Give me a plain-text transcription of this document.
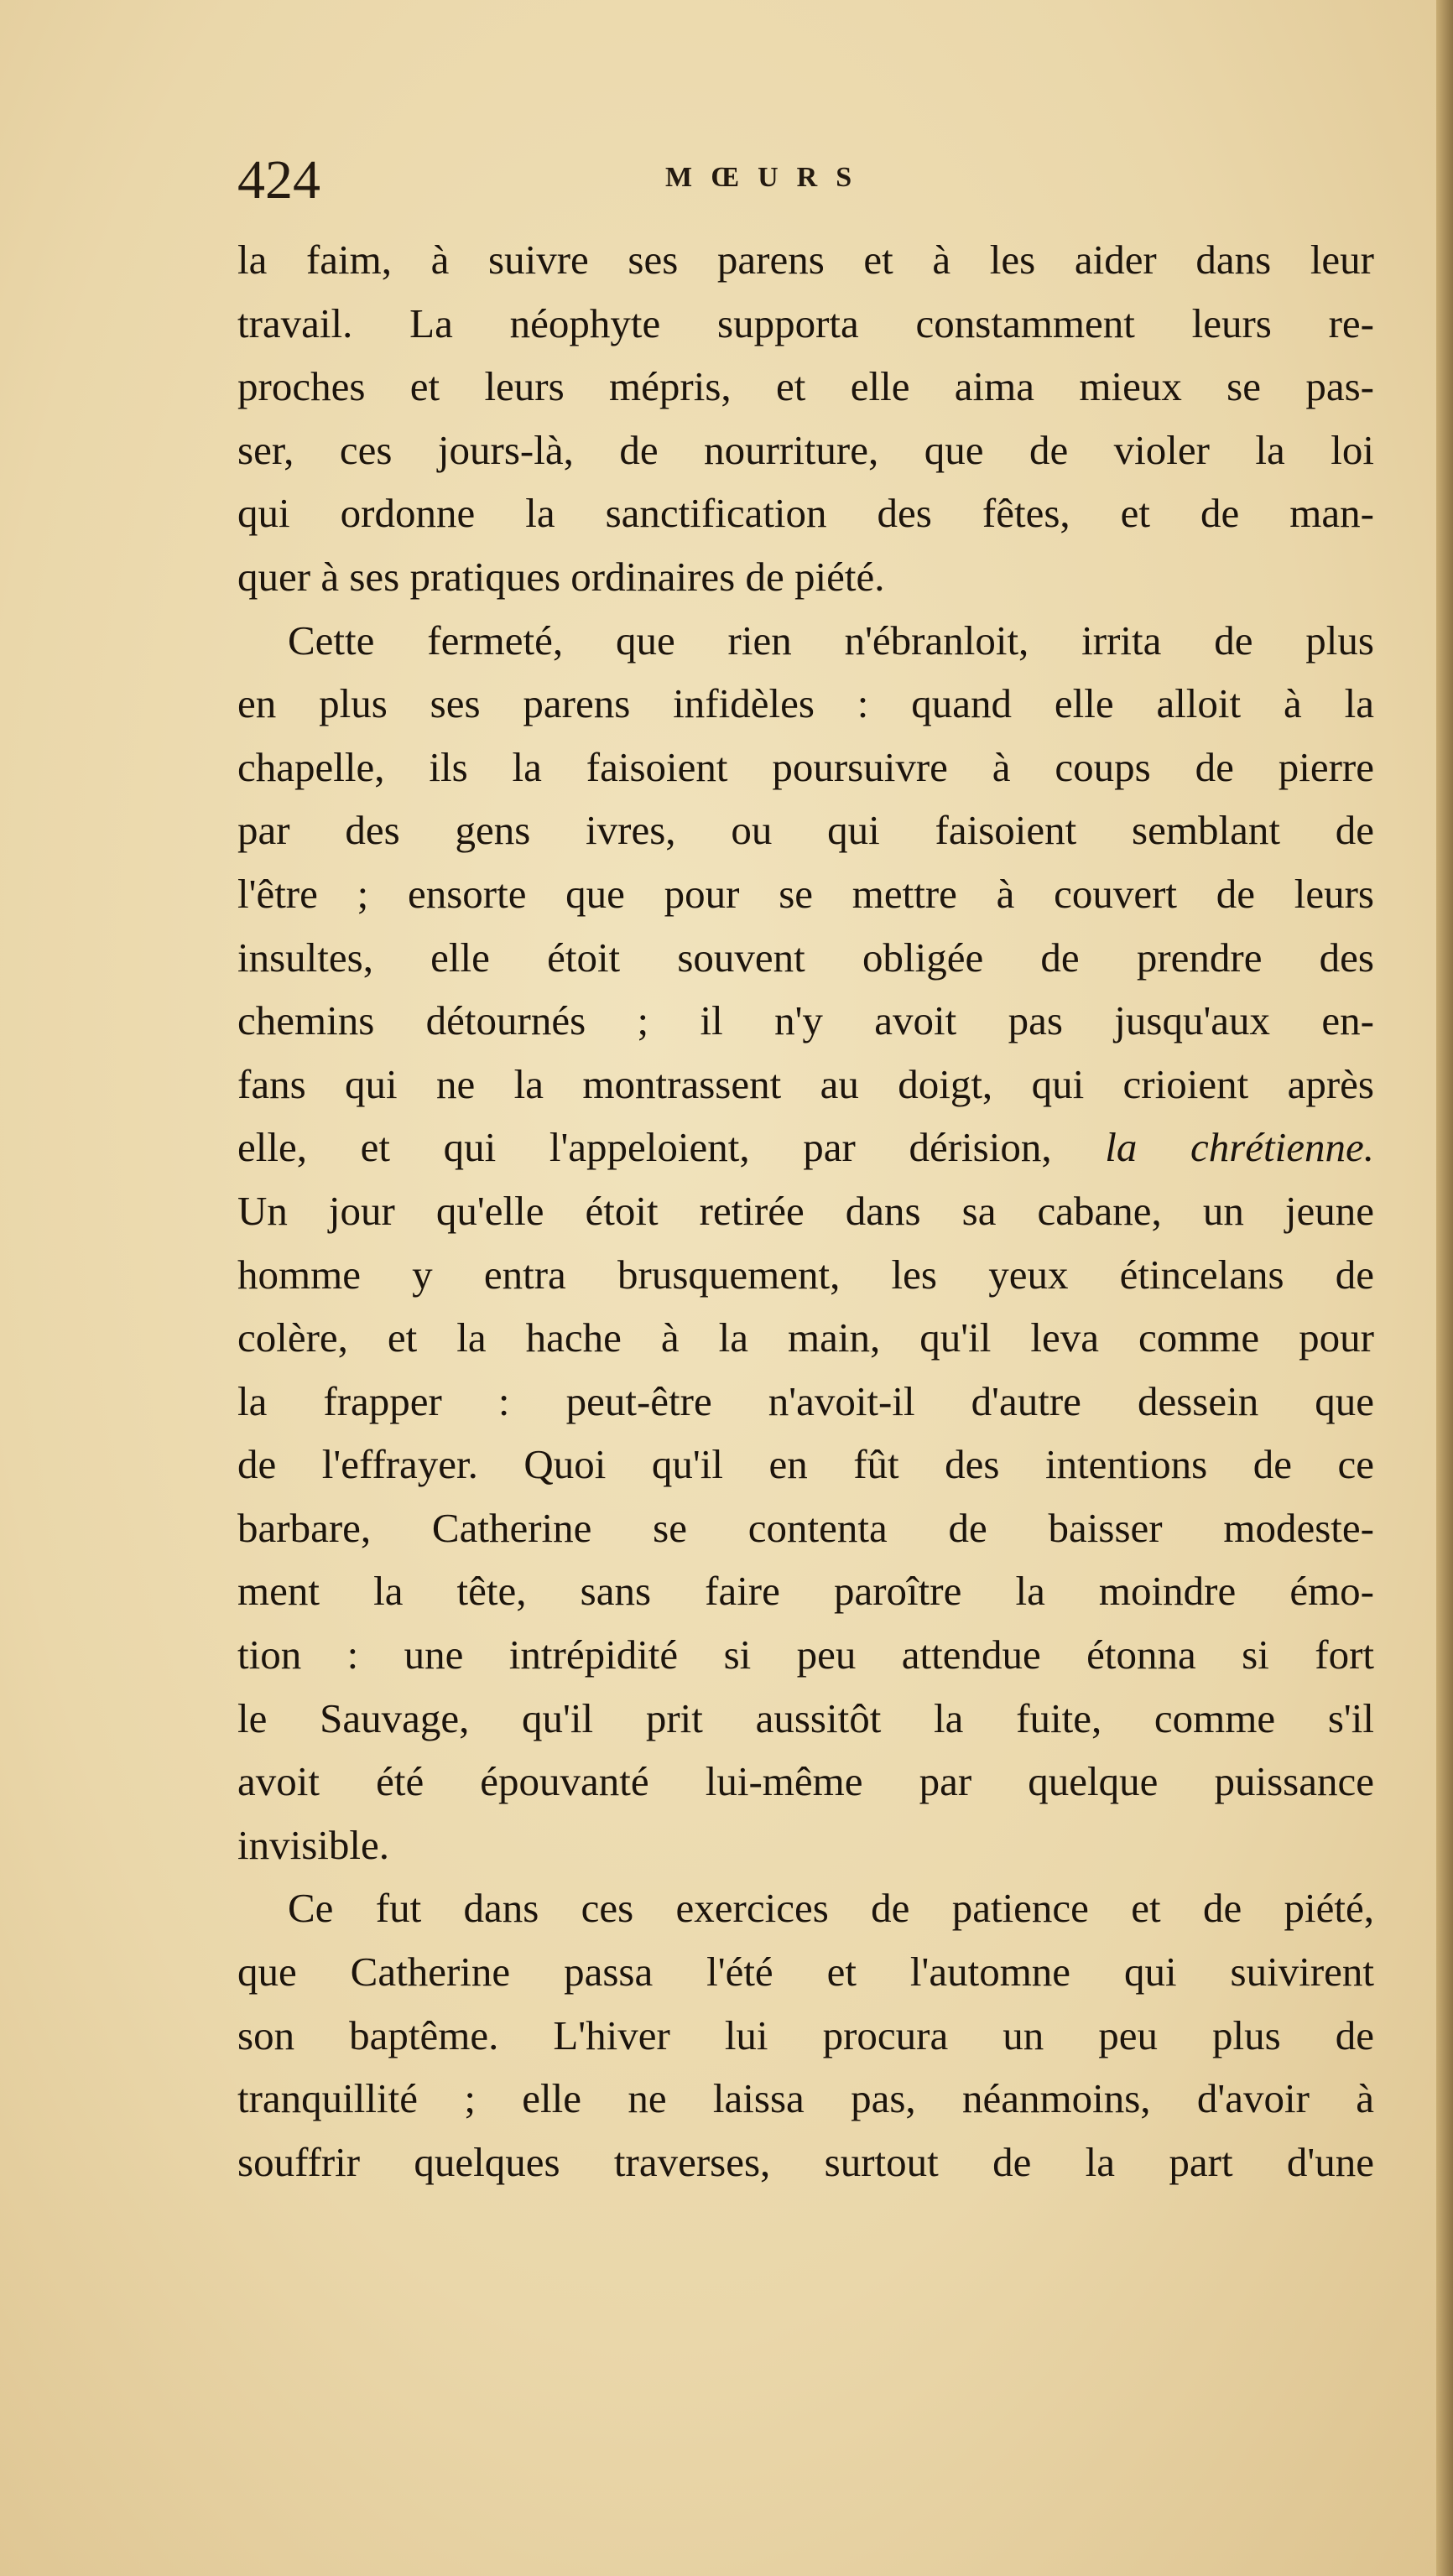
424	MŒURS
la faim, à suivre ses parens et à les aider dans leur
travail. La néophyte supporta constamment leurs re-
proches et leurs mépris, et elle aima mieux se pas-
ser, ces jours-là, de nourriture, que de violer la loi
qui ordonne la sanctification des fêtes, et de man-
quer à ses pratiques ordinaires de piété.
Cette fermeté, que rien n'ébranloit, irrita de plus
en plus ses parens infidèles : quand elle alloit à la
chapelle, ils la faisoient poursuivre à coups de pierre
par des gens ivres, ou qui faisoient semblant de
l'être ; ensorte que pour se mettre à couvert de leurs
insultes, elle étoit souvent obligée de prendre des
chemins détournés ; il n'y avoit pas jusqu'aux en-
fans qui ne la montrassent au doigt, qui crioient après
elle, et qui l'appeloient, par dérision, la chrétienne.
Un jour qu'elle étoit retirée dans sa cabane, un jeune
homme y entra brusquement, les yeux étincelans de
colère, et la hache à la main, qu'il leva comme pour
la frapper : peut-être n'avoit-il d'autre dessein que
de l'effrayer. Quoi qu'il en fût des intentions de ce
barbare, Catherine se contenta de baisser modeste-
ment la tête, sans faire paroître la moindre émo-
tion : une intrépidité si peu attendue étonna si fort
le Sauvage, qu'il prit aussitôt la fuite, comme s'il
avoit été épouvanté lui-même par quelque puissance
invisible.
Ce fut dans ces exercices de patience et de piété,
que Catherine passa l'été et l'automne qui suivirent
son baptême. L'hiver lui procura un peu plus de
tranquillité ; elle ne laissa pas, néanmoins, d'avoir à
souffrir quelques traverses, surtout de la part d'une
